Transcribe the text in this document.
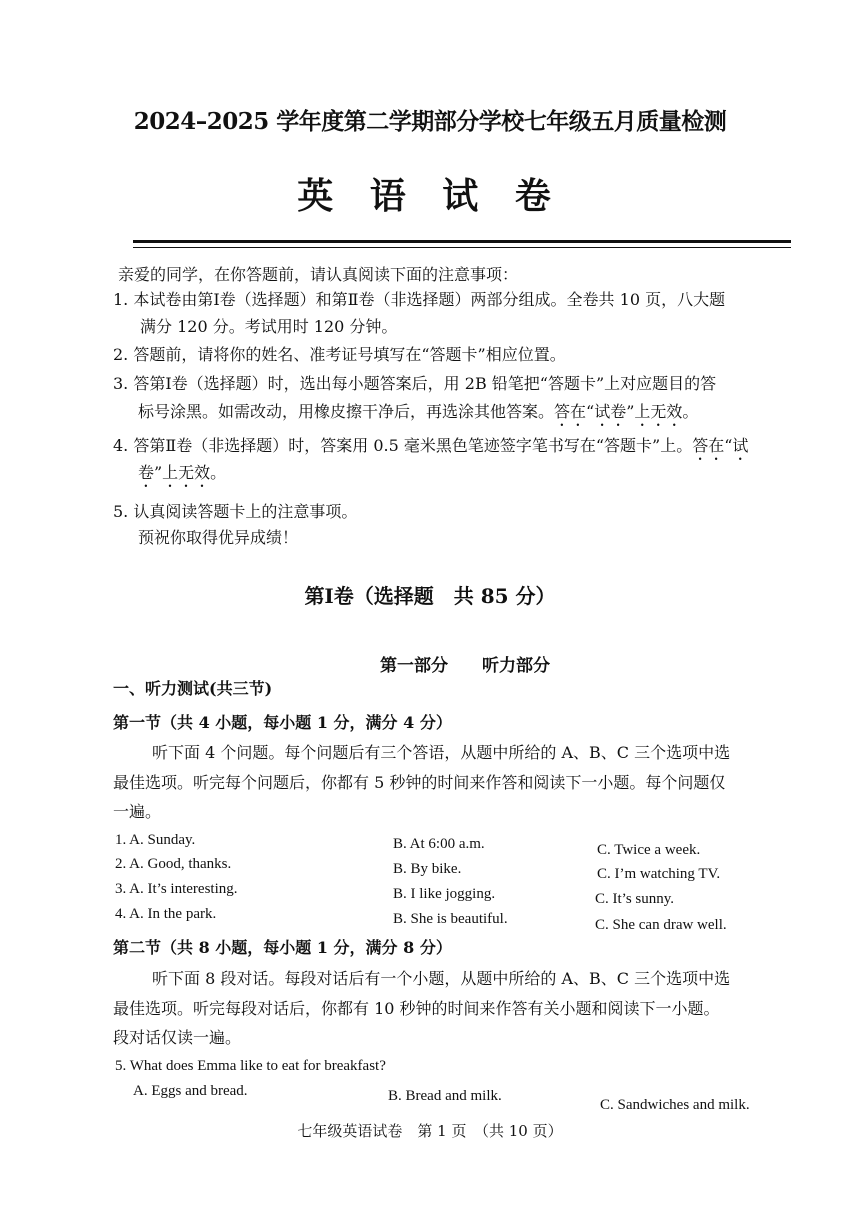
2024–2025 学年度第二学期部分学校七年级五月质量检测
英 语 试 卷
亲爱的同学，在你答题前，请认真阅读下面的注意事项：
1. 本试卷由第Ⅰ卷（选择题）和第Ⅱ卷（非选择题）两部分组成。全卷共 10 页，八大题
满分 120 分。考试用时 120 分钟。
2. 答题前，请将你的姓名、准考证号填写在“答题卡”相应位置。
3. 答第Ⅰ卷（选择题）时，选出每小题答案后，用 2B 铅笔把“答题卡”上对应题目的答
标号涂黑。如需改动，用橡皮擦干净后，再选涂其他答案。答在“试卷”上无效。
4. 答第Ⅱ卷（非选择题）时，答案用 0.5 毫米黑色笔迹签字笔书写在“答题卡”上。答在“试
卷”上无效。
5. 认真阅读答题卡上的注意事项。
预祝你取得优异成绩！
第Ⅰ卷（选择题　共 85 分）
第一部分　　听力部分
一、听力测试(共三节)
第一节（共 4 小题，每小题 1 分，满分 4 分）
听下面 4 个问题。每个问题后有三个答语，从题中所给的 A、B、C 三个选项中选
最佳选项。听完每个问题后，你都有 5 秒钟的时间来作答和阅读下一小题。每个问题仅
一遍。
1. A. Sunday.	B. At 6:00 a.m.	C. Twice a week.
2. A. Good, thanks.	B. By bike.	C. I’m watching TV.
3. A. It’s interesting.	B. I like jogging.	C. It’s sunny.
4. A. In the park.	B. She is beautiful.	C. She can draw well.
第二节（共 8 小题，每小题 1 分，满分 8 分）
听下面 8 段对话。每段对话后有一个小题，从题中所给的 A、B、C 三个选项中选
最佳选项。听完每段对话后，你都有 10 秒钟的时间来作答有关小题和阅读下一小题。
段对话仅读一遍。
5. What does Emma like to eat for breakfast?
A. Eggs and bread.	B. Bread and milk.
C. Sandwiches and milk.
七年级英语试卷　第 1 页　（共 10 页）
